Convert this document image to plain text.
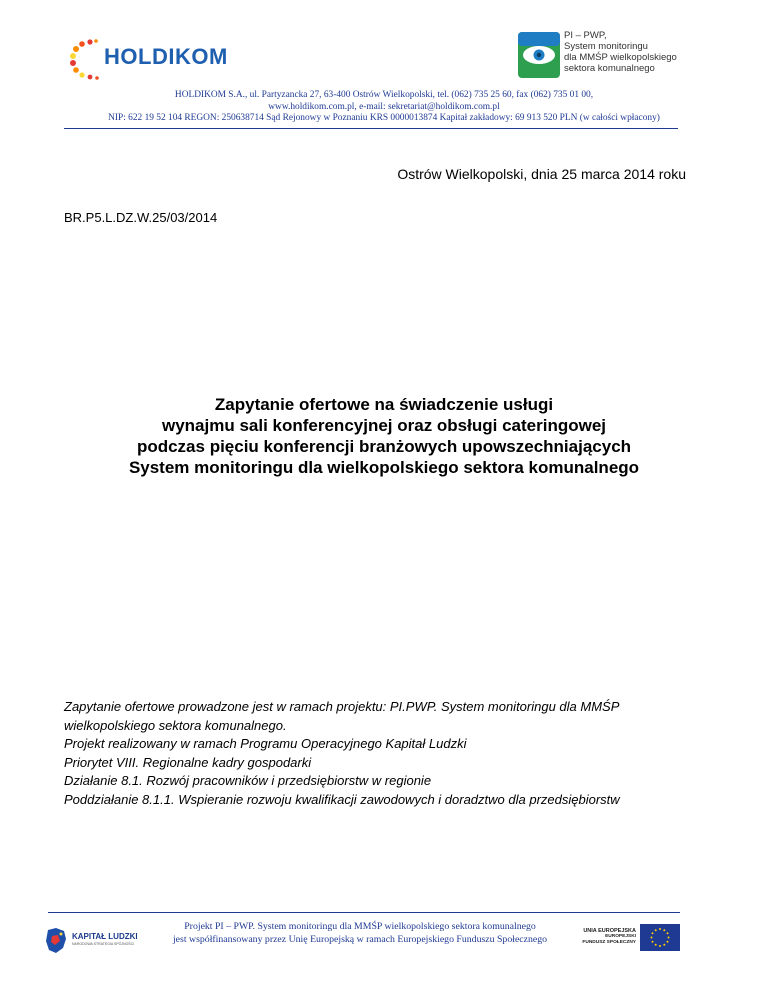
HOLDIKOM
PI – PWP,
System monitoringu
dla MMŚP wielkopolskiego
sektora komunalnego
HOLDIKOM S.A., ul. Partyzancka 27, 63-400 Ostrów Wielkopolski, tel. (062) 735 25 60, fax (062) 735 01 00,
www.holdikom.com.pl, e-mail: sekretariat@holdikom.com.pl
NIP: 622 19 52 104 REGON: 250638714 Sąd Rejonowy w Poznaniu KRS 0000013874 Kapitał zakładowy: 69 913 520 PLN (w całości wpłacony)
Ostrów Wielkopolski, dnia 25 marca 2014 roku
BR.P5.L.DZ.W.25/03/2014
Zapytanie ofertowe na świadczenie usługi
wynajmu sali konferencyjnej oraz obsługi cateringowej
podczas pięciu konferencji branżowych upowszechniających
System monitoringu dla wielkopolskiego sektora komunalnego
Zapytanie ofertowe prowadzone jest w ramach projektu: PI.PWP. System monitoringu dla MMŚP
wielkopolskiego sektora komunalnego.
Projekt realizowany w ramach Programu Operacyjnego Kapitał Ludzki
Priorytet VIII. Regionalne kadry gospodarki
Działanie 8.1. Rozwój pracowników i przedsiębiorstw w regionie
Poddziałanie 8.1.1. Wspieranie rozwoju kwalifikacji zawodowych i doradztwo dla przedsiębiorstw
KAPITAŁ LUDZKI
NARODOWA STRATEGIA SPÓJNOŚCI
Projekt PI – PWP. System monitoringu dla MMŚP wielkopolskiego sektora komunalnego
jest współfinansowany przez Unię Europejską w ramach Europejskiego Funduszu Społecznego
UNIA EUROPEJSKA
EUROPEJSKI
FUNDUSZ SPOŁECZNY
